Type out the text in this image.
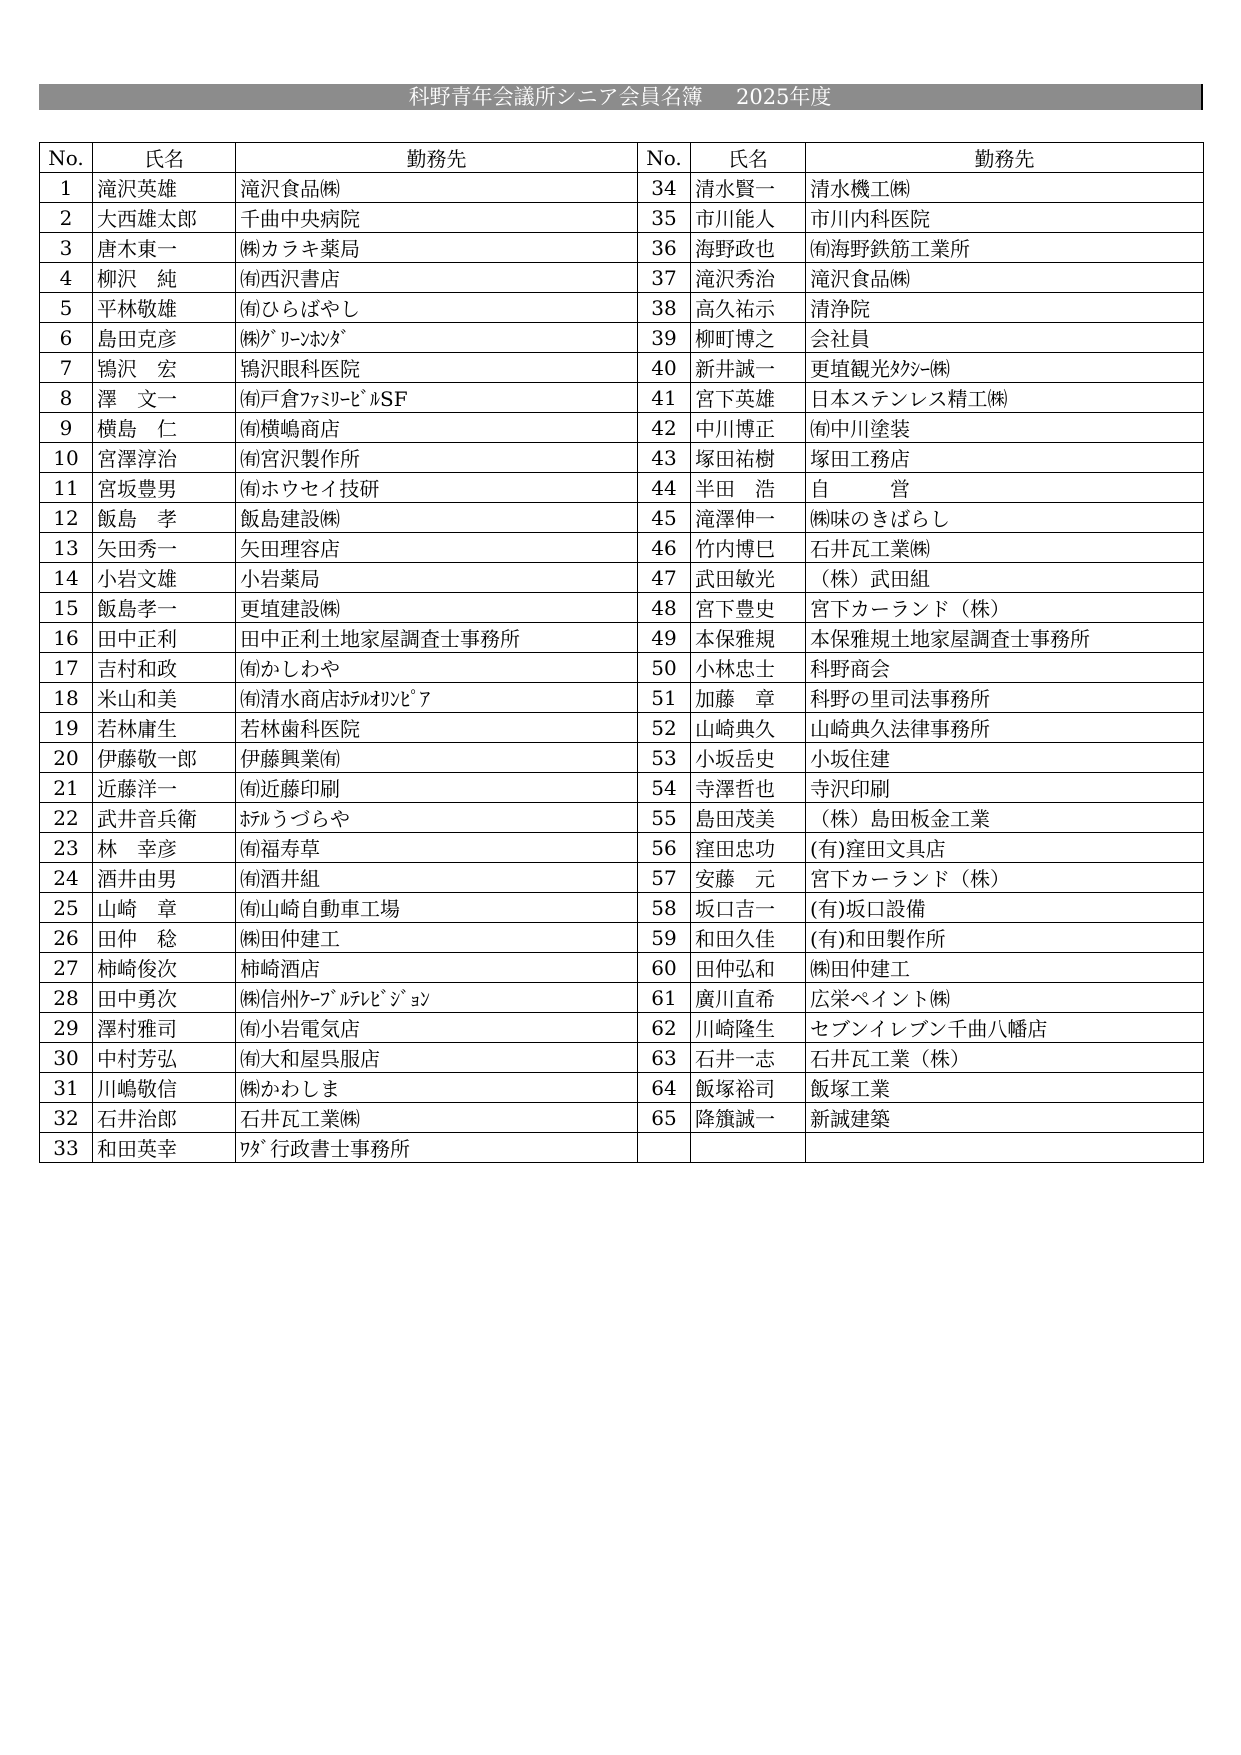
科野青年会議所シニア会員名簿 2025年度
No.	氏名	勤務先	No.	氏名	勤務先
1	滝沢英雄	滝沢食品㈱	34	清水賢一	清水機工㈱
2	大西雄太郎	千曲中央病院	35	市川能人	市川内科医院
3	唐木東一	㈱カラキ薬局	36	海野政也	㈲海野鉄筋工業所
4	柳沢　純	㈲西沢書店	37	滝沢秀治	滝沢食品㈱
5	平林敬雄	㈲ひらばやし	38	高久祐示	清浄院
6	島田克彦	㈱ｸﾞﾘｰﾝﾎﾝﾀﾞ	39	柳町博之	会社員
7	鴇沢　宏	鴇沢眼科医院	40	新井誠一	更埴観光ﾀｸｼｰ㈱
8	澤　文一	㈲戸倉ﾌｧﾐﾘｰﾋﾞﾙSF	41	宮下英雄	日本ステンレス精工㈱
9	横島　仁	㈲横嶋商店	42	中川博正	㈲中川塗装
10	宮澤淳治	㈲宮沢製作所	43	塚田祐樹	塚田工務店
11	宮坂豊男	㈲ホウセイ技研	44	半田　浩	自　　　営
12	飯島　孝	飯島建設㈱	45	滝澤伸一	㈱味のきばらし
13	矢田秀一	矢田理容店	46	竹内博巳	石井瓦工業㈱
14	小岩文雄	小岩薬局	47	武田敏光	（株）武田組
15	飯島孝一	更埴建設㈱	48	宮下豊史	宮下カーランド（株）
16	田中正利	田中正利土地家屋調査士事務所	49	本保雅規	本保雅規土地家屋調査士事務所
17	吉村和政	㈲かしわや	50	小林忠士	科野商会
18	米山和美	㈲清水商店ﾎﾃﾙｵﾘﾝﾋﾟｱ	51	加藤　章	科野の里司法事務所
19	若林庸生	若林歯科医院	52	山崎典久	山崎典久法律事務所
20	伊藤敬一郎	伊藤興業㈲	53	小坂岳史	小坂住建
21	近藤洋一	㈲近藤印刷	54	寺澤哲也	寺沢印刷
22	武井音兵衛	ﾎﾃﾙうづらや	55	島田茂美	（株）島田板金工業
23	林　幸彦	㈲福寿草	56	窪田忠功	(有)窪田文具店
24	酒井由男	㈲酒井組	57	安藤　元	宮下カーランド（株）
25	山崎　章	㈲山崎自動車工場	58	坂口吉一	(有)坂口設備
26	田仲　稔	㈱田仲建工	59	和田久佳	(有)和田製作所
27	柿崎俊次	柿崎酒店	60	田仲弘和	㈱田仲建工
28	田中勇次	㈱信州ｹｰﾌﾞﾙﾃﾚﾋﾞｼﾞｮﾝ	61	廣川直希	広栄ペイント㈱
29	澤村雅司	㈲小岩電気店	62	川崎隆生	セブンイレブン千曲八幡店
30	中村芳弘	㈲大和屋呉服店	63	石井一志	石井瓦工業（株）
31	川嶋敬信	㈱かわしま	64	飯塚裕司	飯塚工業
32	石井治郎	石井瓦工業㈱	65	降籏誠一	新誠建築
33	和田英幸	ﾜﾀﾞ行政書士事務所			
